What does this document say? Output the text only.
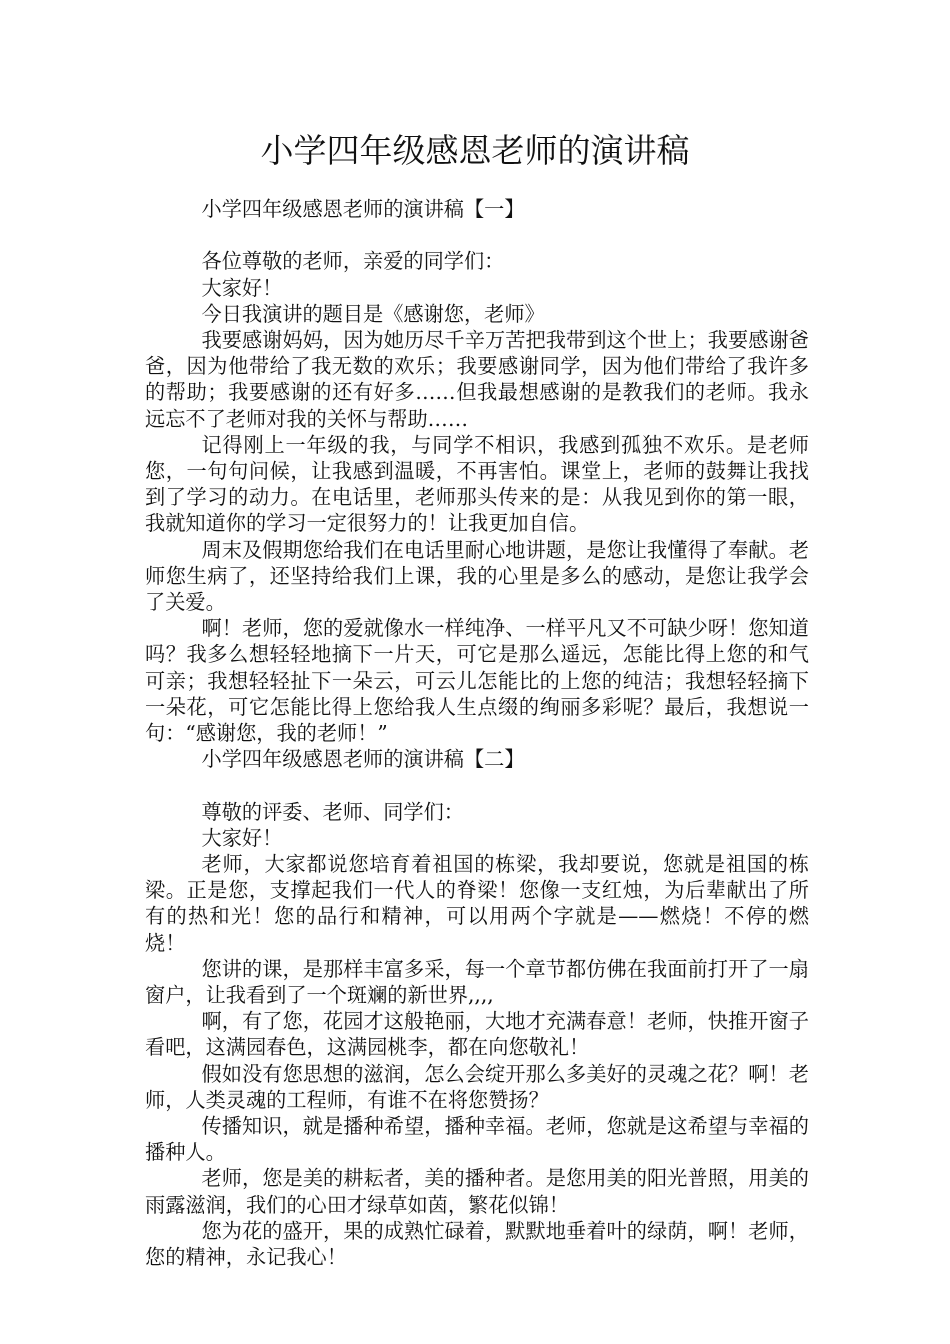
小学四年级感恩老师的演讲稿

小学四年级感恩老师的演讲稿【一】

各位尊敬的老师，亲爱的同学们：

大家好！

今日我演讲的题目是《感谢您，老师》

我要感谢妈妈，因为她历尽千辛万苦把我带到这个世上；我要感谢爸爸，因为他带给了我无数的欢乐；我要感谢同学，因为他们带给了我许多的帮助；我要感谢的还有好多……但我最想感谢的是教我们的老师。我永远忘不了老师对我的关怀与帮助……

记得刚上一年级的我，与同学不相识，我感到孤独不欢乐。是老师您，一句句问候，让我感到温暖，不再害怕。课堂上，老师的鼓舞让我找到了学习的动力。在电话里，老师那头传来的是：从我见到你的第一眼，我就知道你的学习一定很努力的！让我更加自信。

周末及假期您给我们在电话里耐心地讲题，是您让我懂得了奉献。老师您生病了，还坚持给我们上课，我的心里是多么的感动，是您让我学会了关爱。

啊！老师，您的爱就像水一样纯净、一样平凡又不可缺少呀！您知道吗？我多么想轻轻地摘下一片天，可它是那么遥远，怎能比得上您的和气可亲；我想轻轻扯下一朵云，可云儿怎能比的上您的纯洁；我想轻轻摘下一朵花，可它怎能比得上您给我人生点缀的绚丽多彩呢？最后，我想说一句：“感谢您，我的老师！”

小学四年级感恩老师的演讲稿【二】

尊敬的评委、老师、同学们：

大家好！

老师，大家都说您培育着祖国的栋梁，我却要说，您就是祖国的栋梁。正是您，支撑起我们一代人的脊梁！您像一支红烛，为后辈献出了所有的热和光！您的品行和精神，可以用两个字就是——燃烧！不停的燃烧！

您讲的课，是那样丰富多采，每一个章节都仿佛在我面前打开了一扇窗户，让我看到了一个斑斓的新世界,,,,

啊，有了您，花园才这般艳丽，大地才充满春意！老师，快推开窗子看吧，这满园春色，这满园桃李，都在向您敬礼！

假如没有您思想的滋润，怎么会绽开那么多美好的灵魂之花？啊！老师，人类灵魂的工程师，有谁不在将您赞扬？

传播知识，就是播种希望，播种幸福。老师，您就是这希望与幸福的播种人。

老师，您是美的耕耘者，美的播种者。是您用美的阳光普照，用美的雨露滋润，我们的心田才绿草如茵，繁花似锦！

您为花的盛开，果的成熟忙碌着，默默地垂着叶的绿荫，啊！老师，您的精神，永记我心！
